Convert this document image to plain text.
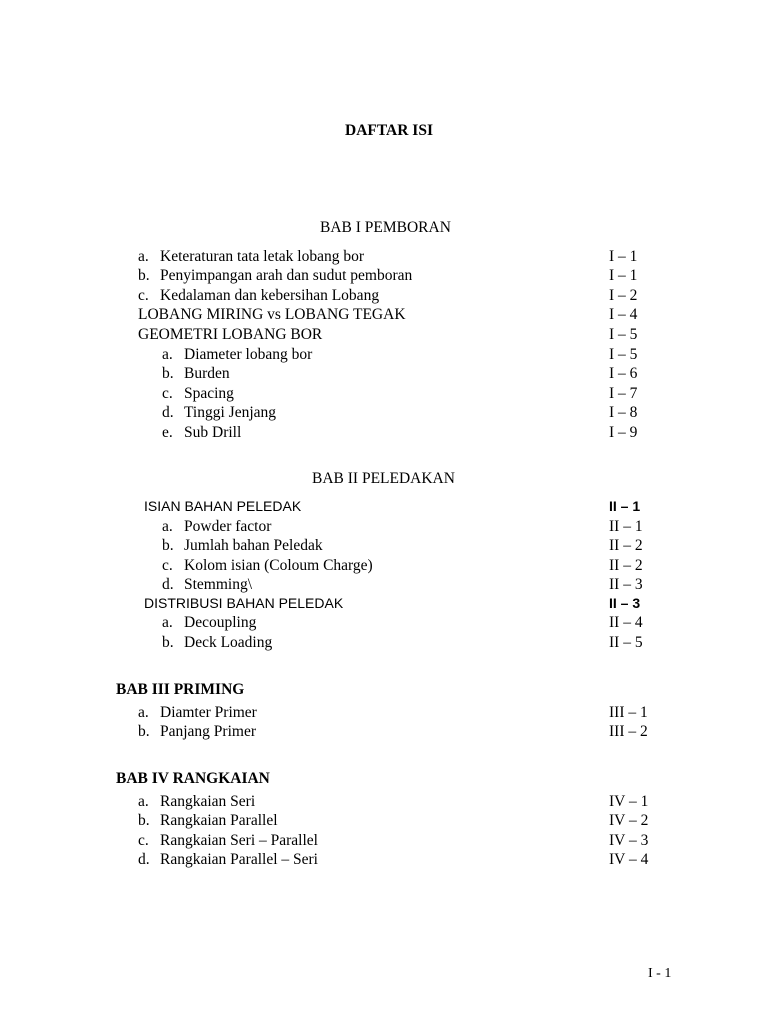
DAFTAR ISI
BAB I PEMBORAN
a. Keteraturan tata letak lobang bor	I – 1
b. Penyimpangan arah dan sudut pemboran	I – 1
c. Kedalaman dan kebersihan Lobang	I – 2
LOBANG MIRING vs LOBANG TEGAK	I – 4
GEOMETRI LOBANG BOR	I – 5
a. Diameter lobang bor	I – 5
b. Burden	I – 6
c. Spacing	I – 7
d. Tinggi Jenjang	I – 8
e. Sub Drill	I – 9
BAB II PELEDAKAN
ISIAN BAHAN PELEDAK	II – 1
a. Powder factor	II – 1
b. Jumlah bahan Peledak	II – 2
c. Kolom isian (Coloum Charge)	II – 2
d. Stemming\	II – 3
DISTRIBUSI BAHAN PELEDAK	II – 3
a. Decoupling	II – 4
b. Deck Loading	II – 5
BAB III PRIMING
a. Diamter Primer	III – 1
b. Panjang Primer	III – 2
BAB IV RANGKAIAN
a. Rangkaian Seri	IV – 1
b. Rangkaian Parallel	IV – 2
c. Rangkaian Seri – Parallel	IV – 3
d. Rangkaian Parallel – Seri	IV – 4
I - 1
